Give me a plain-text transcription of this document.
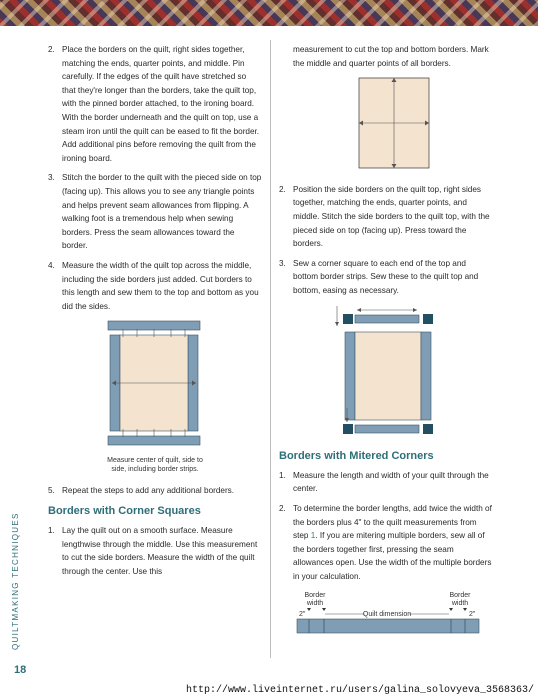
2. Place the borders on the quilt, right sides together, matching the ends, quarter points, and middle. Pin carefully. If the edges of the quilt have stretched so that they're longer than the borders, take the quilt top, with the pinned border attached, to the ironing board. With the border underneath and the quilt on top, use a steam iron until the quilt can be eased to fit the border. Add additional pins before removing the quilt from the ironing board.
3. Stitch the border to the quilt with the pieced side on top (facing up). This allows you to see any triangle points and helps prevent seam allowances from flipping. A walking foot is a tremendous help when sewing borders. Press the seam allowances toward the border.
4. Measure the width of the quilt top across the middle, including the side borders just added. Cut borders to this length and sew them to the top and bottom as you did the sides.
Measure center of quilt, side to side, including border strips.
5. Repeat the steps to add any additional borders.
Borders with Corner Squares
1. Lay the quilt out on a smooth surface. Measure lengthwise through the middle. Use this measurement to cut the side borders. Measure the width of the quilt through the center. Use this
measurement to cut the top and bottom borders. Mark the middle and quarter points of all borders.
2. Position the side borders on the quilt top, right sides together, matching the ends, quarter points, and middle. Stitch the side borders to the quilt top, with the pieced side on top (facing up). Press toward the borders.
3. Sew a corner square to each end of the top and bottom border strips. Sew these to the quilt top and bottom, easing as necessary.
Borders with Mitered Corners
1. Measure the length and width of your quilt through the center.
2. To determine the border lengths, add twice the width of the borders plus 4" to the quilt measurements from step 1. If you are mitering multiple borders, sew all of the borders together first, pressing the seam allowances open. Use the width of the multiple borders in your calculation.
Border width
Border width
2"	2"
Quilt dimension
QUILTMAKING TECHNIQUES
18
http://www.liveinternet.ru/users/galina_solovyeva_3568363/
